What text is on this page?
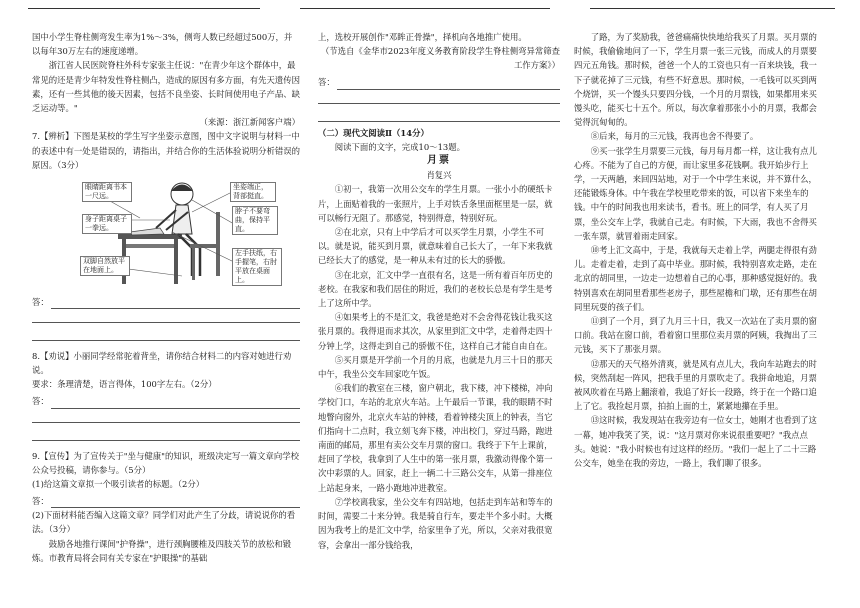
国中小学生脊柱侧弯发生率为1%～3%，侧弯人数已经超过500万，并以每年30万左右的速度递增。

浙江省人民医院脊柱外科专家张主任说："在青少年这个群体中，最常见的还是青少年特发性脊柱侧凸，造成的原因有多方面，有先天遗传因素，还有一些其他的後天因素，包括不良坐姿、长时间使用电子产品、缺乏运动等。"

（来源：浙江新闻客户端）

7.【辨析】下图是某校的学生写字坐姿示意图，图中文字说明与材料一中的表述中有一处是错误的，请指出，并结合你的生活体验说明分析错误的原因。（3分）

眼睛距离书本一尺远。
身子距离桌子一拳远。
双脚自然放平在地面上。
坐姿端正，背部挺直。
脖子不要弯曲，保持平直。
左手扶纸，右手握笔，右肘平放在桌面上。
答：

8.【劝说】小丽同学经常驼着背坐，请你结合材料二的内容对她进行劝说。

要求：条理清楚，语言得体，100字左右。（2分）

答：

9.【宣传】为了宣传关于"坐与健康"的知识，班级决定写一篇文章向学校公众号投稿，请你参与。（5分）

(1)给这篇文章拟一个吸引读者的标题。（2分）

答：

(2)下面材料能否编入这篇文章？同学们对此产生了分歧，请说说你的看法。（3分）

鼓励各地推行课间"护脊操"，进行颈胸腰椎及四肢关节的放松和锻炼。市教育局将会同有关专家在"护眼操"的基础

上，选校开展创作"邓眸正骨操"，择机向各地推广使用。

（节选自《金华市2023年度义务教育阶段学生脊柱侧弯异常筛查工作方案》）

答：

（二）现代文阅读Ⅱ（14分）

阅读下面的文字，完成10～13题。

月票

肖复兴

①初一，我第一次用公交车的学生月票。一张小小的硬纸卡片，上面贴着我的一张照片，上手对铁舌条里面框里是一层，就可以畅行无阻了。那感觉，特别得意，特别好玩。

②在北京，只有上中学后才可以买学生月票，小学生不可以。就是说，能买到月票，就意味着自己长大了，一年下来我就已经长大了的感觉，是一种从未有过的长大的骄傲。

③在北京，汇文中学一直很有名，这是一所有着百年历史的老校。在我家和我们居住的附近，我们的老校长总是有学生是考上了这所中学。

④如果考上的不是汇文，我爸是绝对不会舍得花钱让我买这张月票的。我得退而求其次，从家里到汇文中学，走着得走四十分钟上学，这得走到自己的骄傲不住，这样自己才能自由自在。

⑤买月票是开学前一个月的月底，也就是九月三十日的那天中午，我坐公交车回家吃午饭。

⑥我们的教室在三楼，窗户朝北，我下楼，冲下楼梯，冲向学校门口，车站的北京火车站。上午最后一节课，我的眼睛不时地瞥向窗外，北京火车站的钟楼，看着钟楼尖顶上的钟表，当它们指向十二点时，我立刻飞奔下楼，冲出校门，穿过马路，跑进南面的邮局，那里有卖公交车月票的窗口。我终于下午上课前，赶回了学校，我拿到了人生中的第一张月票，我激动得像个第一次中彩票的人。回家，赶上一辆二十三路公交车，从第一排座位上站起身来，一路小跑地冲进教室。

⑦学校离我家，坐公交车有四站地，包括走到车站和等车的时间，需要二十来分钟。我是骑自行车，要走半个多小时。大概因为我考上的是汇文中学，给家里争了光，所以，父亲对我很宽容，会拿出一部分钱给我，

了路，为了奖励我，爸爸痛痛快快地给我买了月票。买月票的时候，我偷偷地问了一下，学生月票一张三元钱，而成人的月票要四元五角钱。那时候，爸爸一个人的工资也只有一百来块钱，我一下子就花掉了三元钱，有些不好意思。那时候，一毛钱可以买到两个烧饼，买一个馒头只要四分钱，一个月的月票钱，如果都用来买馒头吃，能买七十五个。所以，每次拿着那张小小的月票，我都会觉得沉甸甸的。

⑧后来，每月的三元钱，我再也舍不得要了。

⑨买一张学生月票要三元钱，每月每月都一样，这让我有点儿心疼。不能为了自己的方便，而让家里多花钱啊。我开始步行上学，一天两趟，来回四站地，对于一个中学生来说，并不算什么，还能锻炼身体。中午我在学校里吃带来的饭，可以省下来坐车的钱。中午的时间我也用来读书，看书。班上的同学，有人买了月票，坐公交车上学，我就自己走。有时候，下大雨，我也不舍得买一张车票，就冒着雨走回家。

⑩考上汇文高中，于是，我就每天走着上学，两腿走得很有劲儿。走着走着，走到了高中毕业。那时候，我特别喜欢走路，走在北京的胡同里，一边走一边想着自己的心事，那种感觉挺好的。我特别喜欢在胡同里看那些老房子，那些屋檐和门墩，还有那些在胡同里玩耍的孩子们。

⑪到了一个月，到了九月三十日，我又一次站在了卖月票的窗口前。我站在窗口前，看着窗口里那位卖月票的阿姨，我掏出了三元钱，买下了那张月票。

⑫那天的天气格外清爽，就是风有点儿大，我向车站跑去的时候，突然刮起一阵风，把我手里的月票吹走了。我拼命地追，月票被风吹着在马路上翻滚着，我追了好长一段路，终于在一个路口追上了它。我捡起月票，拍拍上面的土，紧紧地攥在手里。

⑬这时候，我发现站在我旁边有一位女士，她刚才也看到了这一幕，她冲我笑了笑，说："这月票对你来说很重要吧？"我点点头。她说："我小时候也有过这样的经历。"我们一起上了二十三路公交车，她坐在我的旁边，一路上，我们聊了很多。
